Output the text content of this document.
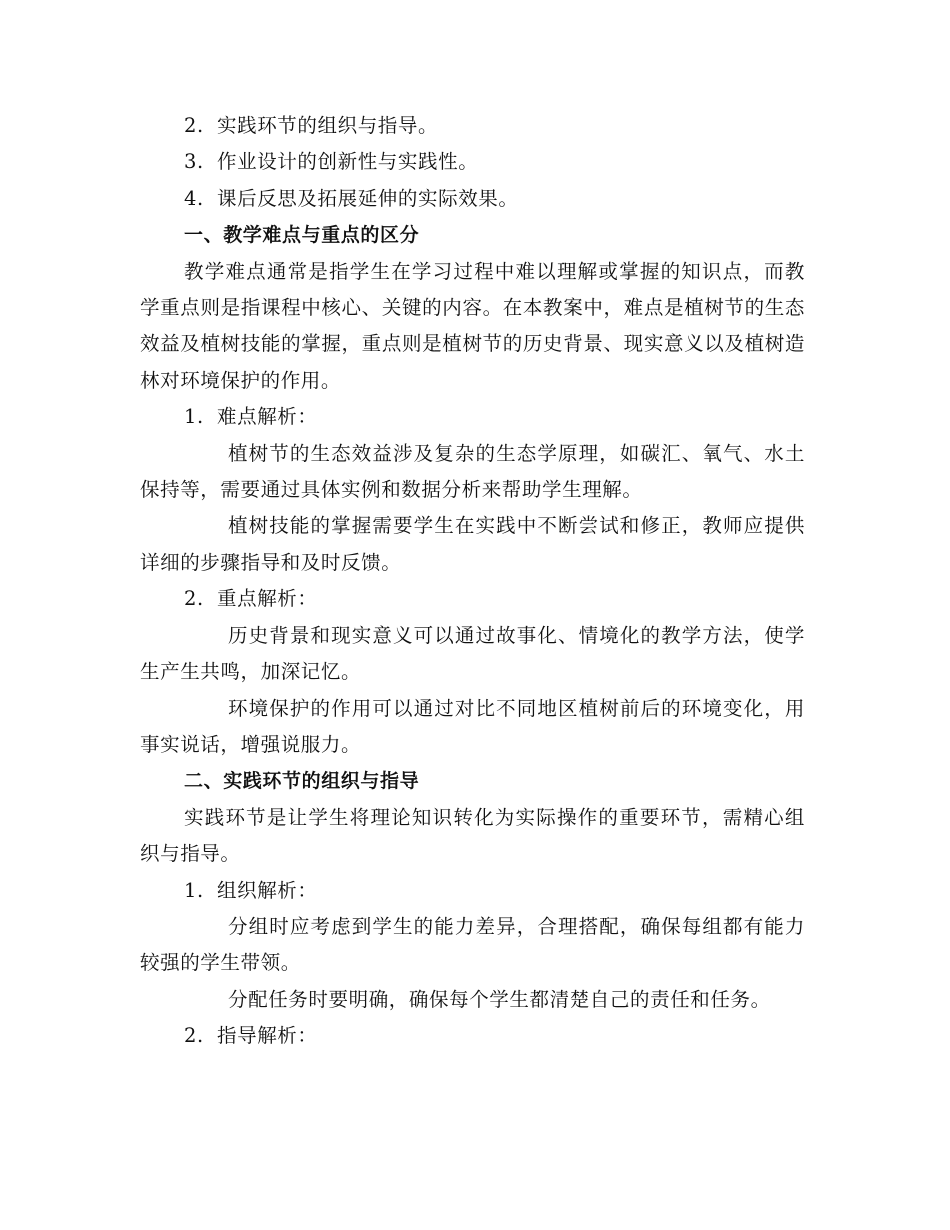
2. 实践环节的组织与指导。
3. 作业设计的创新性与实践性。
4. 课后反思及拓展延伸的实际效果。
一、教学难点与重点的区分
教学难点通常是指学生在学习过程中难以理解或掌握的知识点，而教学重点则是指课程中核心、关键的内容。在本教案中，难点是植树节的生态效益及植树技能的掌握，重点则是植树节的历史背景、现实意义以及植树造林对环境保护的作用。
1. 难点解析：
植树节的生态效益涉及复杂的生态学原理，如碳汇、氧气、水土保持等，需要通过具体实例和数据分析来帮助学生理解。
植树技能的掌握需要学生在实践中不断尝试和修正，教师应提供详细的步骤指导和及时反馈。
2. 重点解析：
历史背景和现实意义可以通过故事化、情境化的教学方法，使学生产生共鸣，加深记忆。
环境保护的作用可以通过对比不同地区植树前后的环境变化，用事实说话，增强说服力。
二、实践环节的组织与指导
实践环节是让学生将理论知识转化为实际操作的重要环节，需精心组织与指导。
1. 组织解析：
分组时应考虑到学生的能力差异，合理搭配，确保每组都有能力较强的学生带领。
分配任务时要明确，确保每个学生都清楚自己的责任和任务。
2. 指导解析：
